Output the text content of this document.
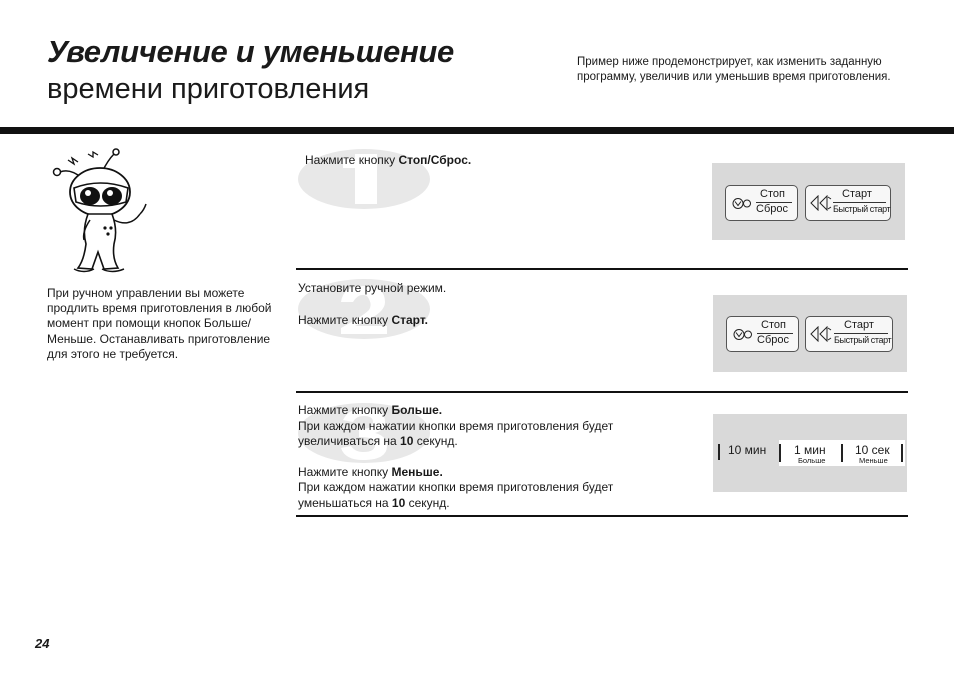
Увеличение и уменьшение
времени приготовления
Пример ниже продемонстрирует, как изменить заданную программу, увеличив или уменьшив время приготовления.
При ручном управлении вы можете продлить время приготовления в любой момент при помощи кнопок Больше/Меньше. Останавливать приготовление для этого не требуется.
Нажмите кнопку Стоп/Сброс.
Стоп
Сброс
Старт
Быстрый старт
Установите ручной режим.
Нажмите кнопку Старт.	Стоп
Сброс
Старт
Быстрый старт
Нажмите кнопку Больше.
При каждом нажатии кнопки время приготовления будет
увеличиваться на 10 секунд.
Нажмите кнопку Меньше.
При каждом нажатии кнопки время приготовления будет
уменьшаться на 10 секунд.
10 мин 1 мин
Больше
10 сек
Меньше
24
